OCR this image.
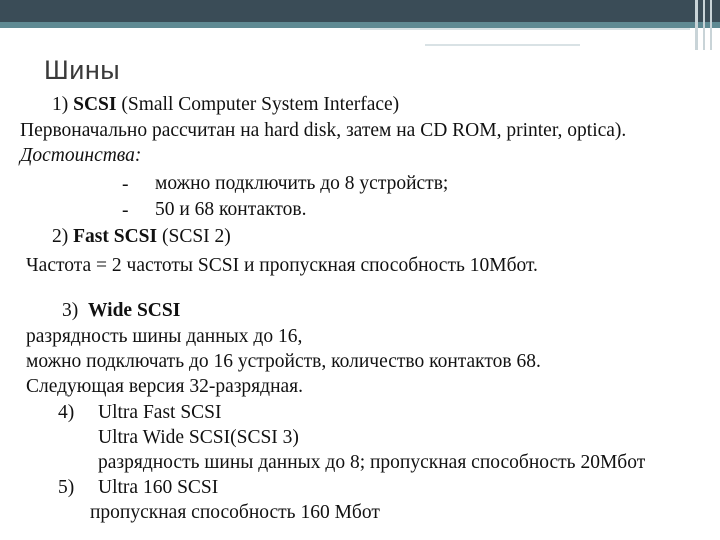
Шины
1) SCSI (Small Computer System Interface)
Первоначально рассчитан на hard disk, затем на CD ROM, printer, optica).
Достоинства:
- можно подключить до 8 устройств;
- 50 и 68 контактов.
2) Fast SCSI (SCSI 2)
Частота = 2 частоты SCSI и пропускная способность 10Мбот.
3) Wide SCSI
разрядность шины данных до 16,
можно подключать до 16 устройств, количество контактов 68.
Следующая версия 32-разрядная.
4) Ultra Fast SCSI
Ultra Wide SCSI(SCSI 3)
разрядность шины данных до 8; пропускная способность 20Мбот
5) Ultra 160 SCSI
пропускная способность 160 Мбот
